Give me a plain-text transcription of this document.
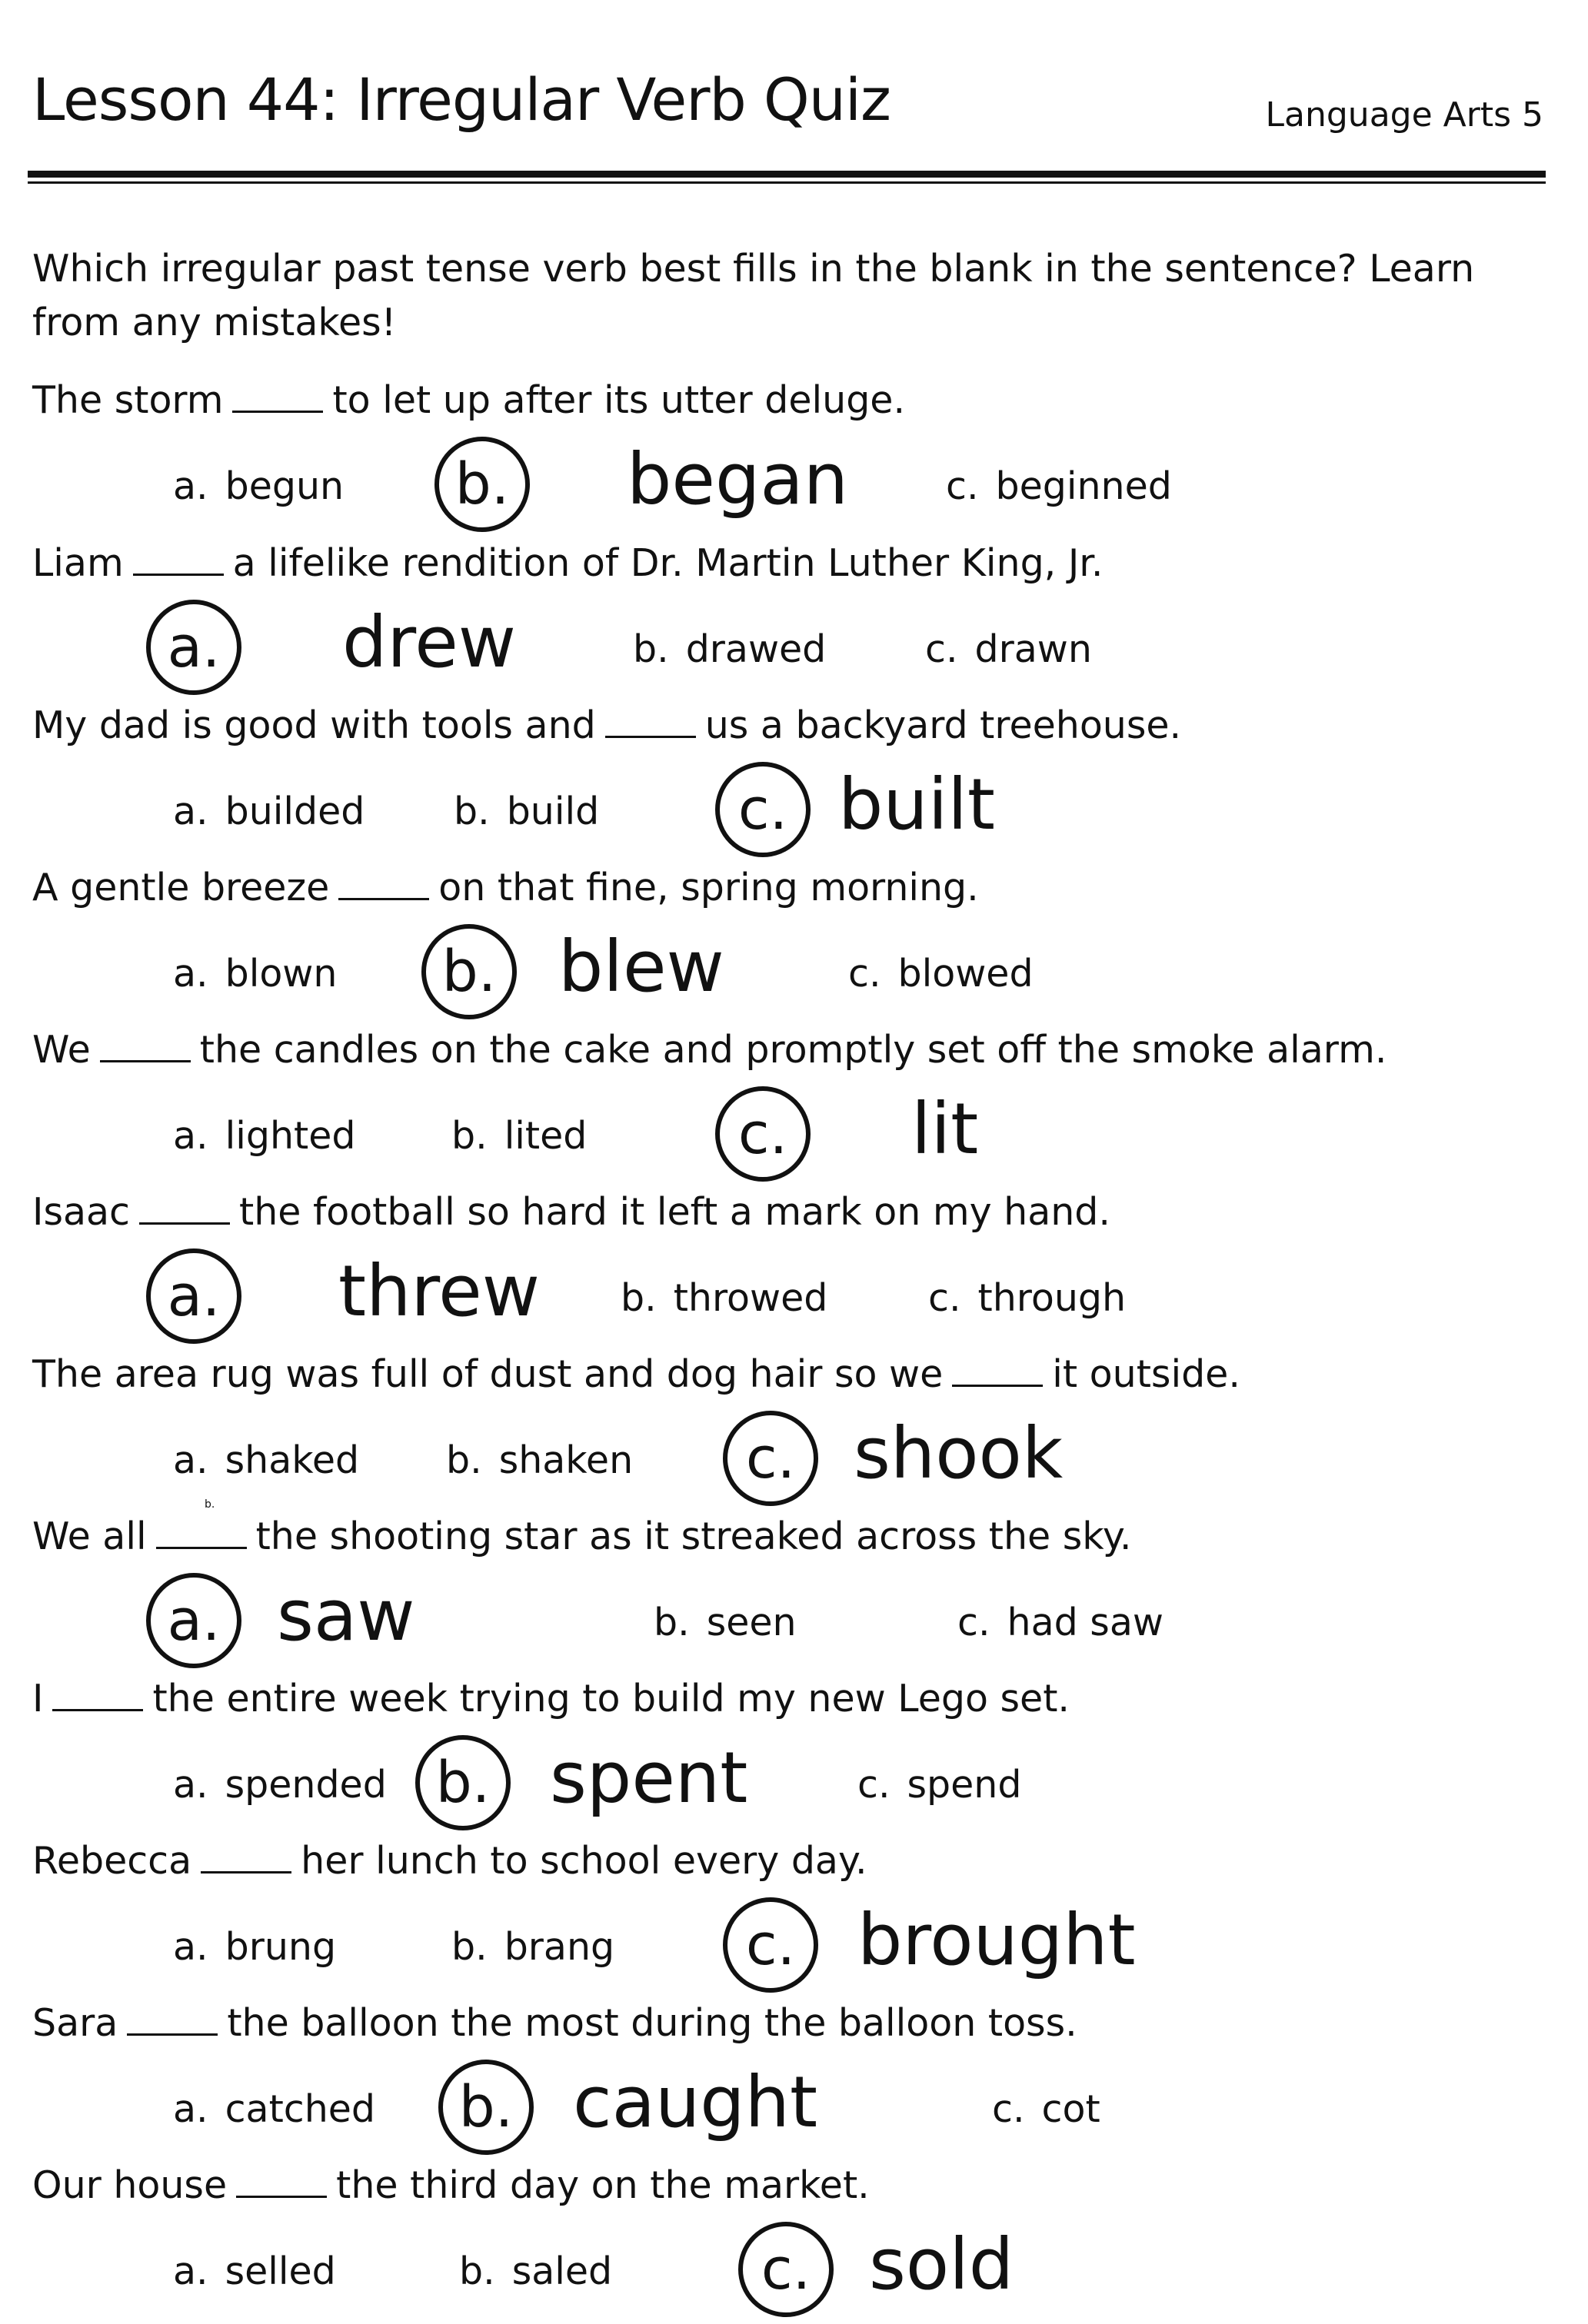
Lesson 44: Irregular Verb Quiz	Language Arts 5
Which irregular past tense verb best fills in the blank in the sentence? Learn from any mistakes!
b.
The storm	to let up after its utter deluge.
a. begun	b. began	c. beginned
Liam	a lifelike rendition of Dr. Martin Luther King, Jr.
a. drew	b. drawed	c. drawn
My dad is good with tools and	us a backyard treehouse.
a. builded b. build	c. built
A gentle breeze	on that fine, spring morning.
a. blown	b. blew	c. blowed
We	the candles on the cake and promptly set off the smoke alarm.
a. lighted	b. lited	c.	lit
Isaac	the football so hard it left a mark on my hand.
a. threw b. throwed	c. through
The area rug was full of dust and dog hair so we	it outside.
a. shaked b. shaken	c. shook
We all	the shooting star as it streaked across the sky.
a. saw	b. seen	c. had saw
I	the entire week trying to build my new Lego set.
a. spended b. spent	c. spend
Rebecca	her lunch to school every day.
a. brung	b. brang	c. brought
Sara	the balloon the most during the balloon toss.
a. catched	b. caught	c. cot
Our house	the third day on the market.
a. selled	b. saled	c. sold
